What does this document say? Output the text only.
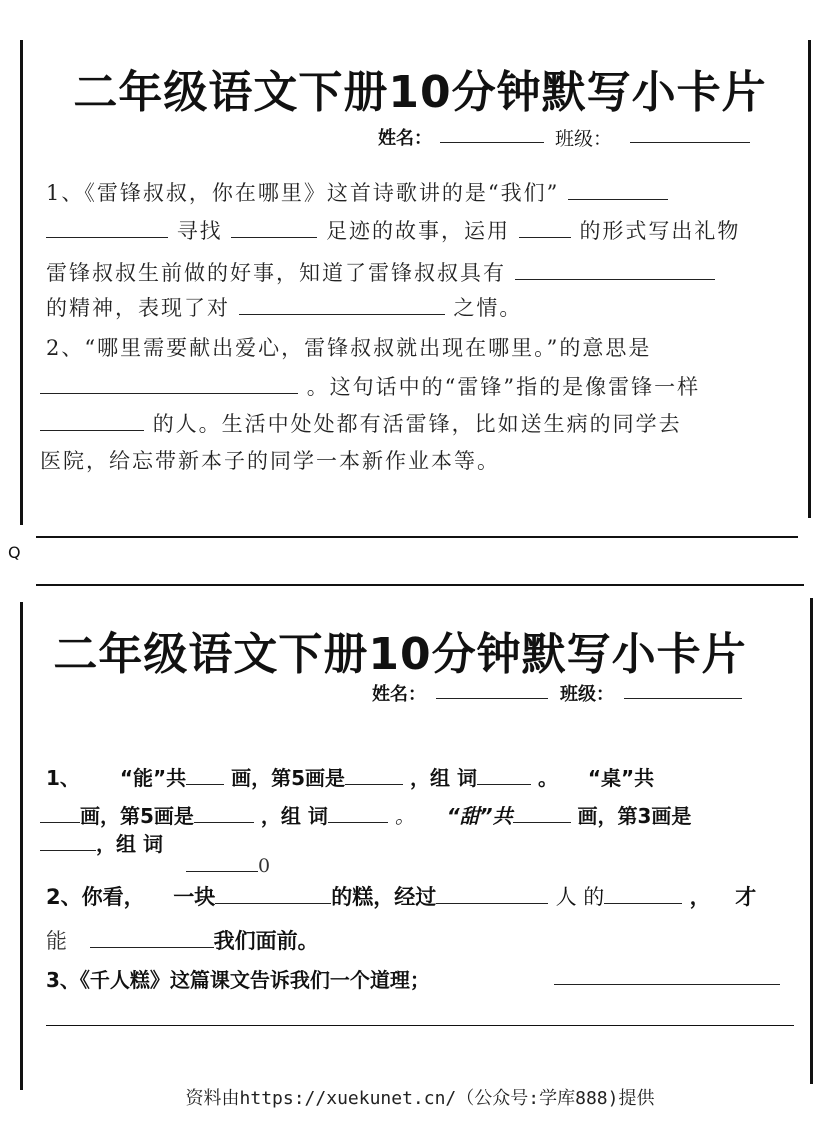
二年级语文下册10分钟默写小卡片
姓名：	班级：
1、《雷锋叔叔，你在哪里》这首诗歌讲的是“我们”
寻找	足迹的故事，运用	的形式写出礼物
雷锋叔叔生前做的好事，知道了雷锋叔叔具有
的精神，表现了对	之情。
2、“哪里需要献出爱心，雷锋叔叔就出现在哪里。”的意思是
。这句话中的“雷锋”指的是像雷锋一样
的人。生活中处处都有活雷锋，比如送生病的同学去
医院，给忘带新本子的同学一本新作业本等。
Q
二年级语文下册10分钟默写小卡片
姓名：	班级：
1、 “能”共 画，第5画是	，组 词	。 “桌”共
画，第5画是	，组 词	。 “甜”共	画，第3画是
，组 词
0
2、你看， 一块	的糕，经过	人 的	， 才
能	我们面前。
3、《千人糕》这篇课文告诉我们一个道理；
资料由https://xuekunet.cn/（公众号:学库888)提供
